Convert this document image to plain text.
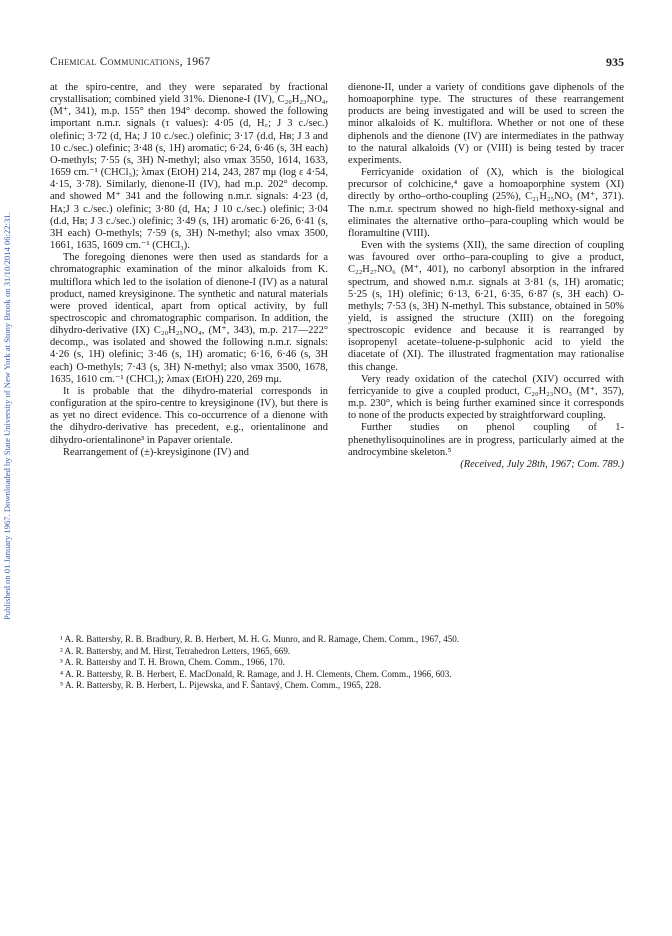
Published on 01 January 1967. Downloaded by State University of New York at Stony Brook on 31/10/2014 06:22:31.
Chemical Communications, 1967	935

at the spiro-centre, and they were separated by fractional crystallisation; combined yield 31%. Dienone-I (IV), C₂₀H₂₃NO₄, (M⁺, 341), m.p. 155° then 194° decomp. showed the following important n.m.r. signals (τ values): 4·05 (d, H꜀; J 3 c./sec.) olefinic; 3·72 (d, Hᴀ; J 10 c./sec.) olefinic; 3·17 (d.d, Hʙ; J 3 and 10 c./sec.) olefinic; 3·48 (s, 1H) aromatic; 6·24, 6·46 (s, 3H each) O-methyls; 7·55 (s, 3H) N-methyl; also νmax 3550, 1614, 1633, 1659 cm.⁻¹ (CHCl₃); λmax (EtOH) 214, 243, 287 mμ (log ε 4·54, 4·15, 3·78). Similarly, dienone-II (IV), had m.p. 202° decomp. and showed M⁺ 341 and the following n.m.r. signals: 4·23 (d, Hᴀ;J 3 c./sec.) olefinic; 3·80 (d, Hᴀ; J 10 c./sec.) olefinic; 3·04 (d.d, Hʙ; J 3 c./sec.) olefinic; 3·49 (s, 1H) aromatic 6·26, 6·41 (s, 3H each) O-methyls; 7·59 (s, 3H) N-methyl; also νmax 3500, 1661, 1635, 1609 cm.⁻¹ (CHCl₃).

The foregoing dienones were then used as standards for a chromatographic examination of the minor alkaloids from K. multiflora which led to the isolation of dienone-I (IV) as a natural product, named kreysiginone. The synthetic and natural materials were proved identical, apart from optical activity, by full spectroscopic and chromatographic comparison. In addition, the dihydro-derivative (IX) C₂₀H₂₅NO₄, (M⁺, 343), m.p. 217—222° decomp., was isolated and showed the following n.m.r. signals: 4·26 (s, 1H) olefinic; 3·46 (s, 1H) aromatic; 6·16, 6·46 (s, 3H each) O-methyls; 7·43 (s, 3H) N-methyl; also νmax 3500, 1678, 1635, 1610 cm.⁻¹ (CHCl₃); λmax (EtOH) 220, 269 mμ.

It is probable that the dihydro-material corresponds in configuration at the spiro-centre to kreysiginone (IV), but there is as yet no direct evidence. This co-occurrence of a dienone with the dihydro-derivative has precedent, e.g., orientalinone and dihydro-orientalinone³ in Papaver orientale.

Rearrangement of (±)-kreysiginone (IV) and

dienone-II, under a variety of conditions gave diphenols of the homoaporphine type. The structures of these rearrangement products are being investigated and will be used to screen the minor alkaloids of K. multiflora. Whether or not one of these diphenols and the dienone (IV) are intermediates in the pathway to the natural alkaloids (V) or (VIII) is being tested by tracer experiments.

Ferricyanide oxidation of (X), which is the biological precursor of colchicine,⁴ gave a homoaporphine system (XI) directly by ortho–ortho-coupling (25%), C₂₁H₂₅NO₅ (M⁺, 371). The n.m.r. spectrum showed no high-field methoxy-signal and eliminates the alternative ortho–para-coupling which would be floramultine (VIII).

Even with the systems (XII), the same direction of coupling was favoured over ortho–para-coupling to give a product, C₂₂H₂₇NO₆ (M⁺, 401), no carbonyl absorption in the infrared spectrum, and showed n.m.r. signals at 3·81 (s, 1H) aromatic; 5·25 (s, 1H) olefinic; 6·13, 6·21, 6·35, 6·87 (s, 3H each) O-methyls; 7·53 (s, 3H) N-methyl. This substance, obtained in 50% yield, is assigned the structure (XIII) on the foregoing spectroscopic evidence and because it is rearranged by isopropenyl acetate–toluene-p-sulphonic acid to yield the diacetate of (XI). The illustrated fragmentation may rationalise this change.

Very ready oxidation of the catechol (XIV) occurred with ferricyanide to give a coupled product, C₂₀H₂₃NO₅ (M⁺, 357), m.p. 230°, which is being further examined since it corresponds to none of the products expected by straightforward coupling.

Further studies on phenol coupling of 1-phenethylisoquinolines are in progress, particularly aimed at the androcymbine skeleton.⁵

(Received, July 28th, 1967; Com. 789.)

¹ A. R. Battersby, R. B. Bradbury, R. B. Herbert, M. H. G. Munro, and R. Ramage, Chem. Comm., 1967, 450.
² A. R. Battersby, and M. Hirst, Tetrahedron Letters, 1965, 669.
³ A. R. Battersby and T. H. Brown, Chem. Comm., 1966, 170.
⁴ A. R. Battersby, R. B. Herbert, E. MacDonald, R. Ramage, and J. H. Clements, Chem. Comm., 1966, 603.
⁵ A. R. Battersby, R. B. Herbert, L. Pijewska, and F. Šantavý, Chem. Comm., 1965, 228.
